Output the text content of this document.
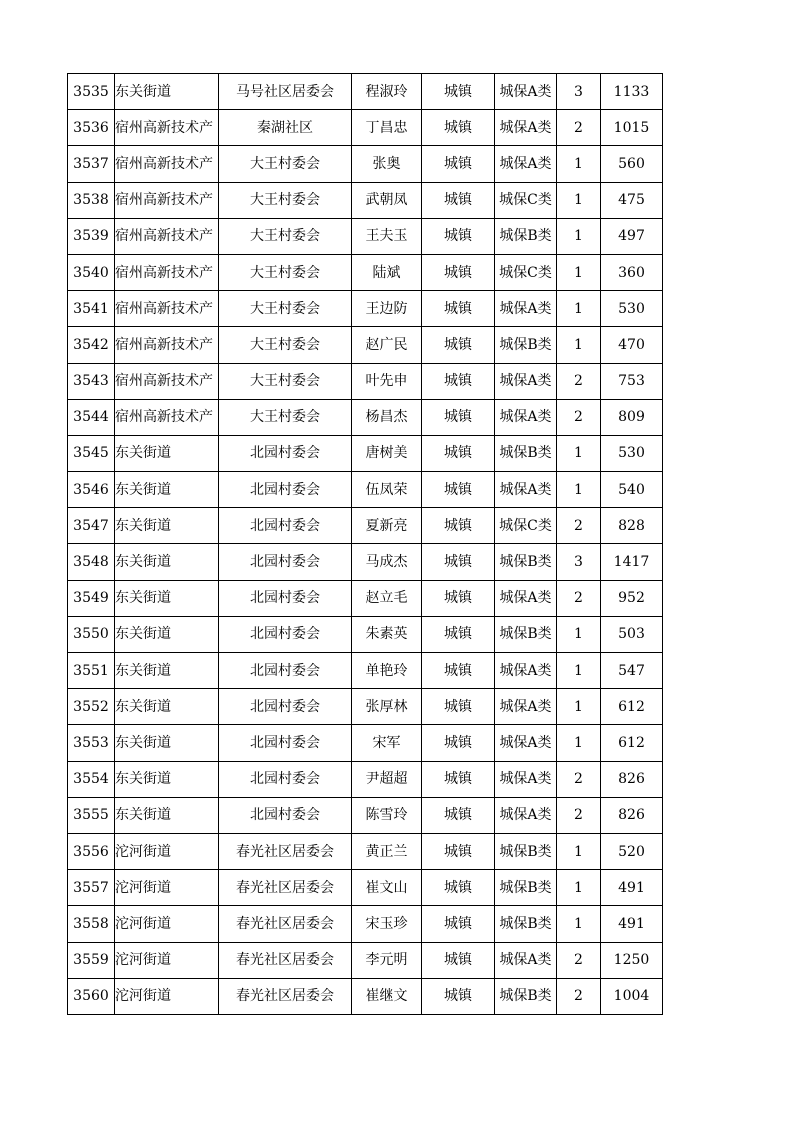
3535	东关街道	马号社区居委会	程淑玲	城镇	城保A类	3	1133
3536	宿州高新技术产	秦湖社区	丁昌忠	城镇	城保A类	2	1015
3537	宿州高新技术产	大王村委会	张奥	城镇	城保A类	1	560
3538	宿州高新技术产	大王村委会	武朝凤	城镇	城保C类	1	475
3539	宿州高新技术产	大王村委会	王夫玉	城镇	城保B类	1	497
3540	宿州高新技术产	大王村委会	陆斌	城镇	城保C类	1	360
3541	宿州高新技术产	大王村委会	王边防	城镇	城保A类	1	530
3542	宿州高新技术产	大王村委会	赵广民	城镇	城保B类	1	470
3543	宿州高新技术产	大王村委会	叶先申	城镇	城保A类	2	753
3544	宿州高新技术产	大王村委会	杨昌杰	城镇	城保A类	2	809
3545	东关街道	北园村委会	唐树美	城镇	城保B类	1	530
3546	东关街道	北园村委会	伍凤荣	城镇	城保A类	1	540
3547	东关街道	北园村委会	夏新亮	城镇	城保C类	2	828
3548	东关街道	北园村委会	马成杰	城镇	城保B类	3	1417
3549	东关街道	北园村委会	赵立毛	城镇	城保A类	2	952
3550	东关街道	北园村委会	朱素英	城镇	城保B类	1	503
3551	东关街道	北园村委会	单艳玲	城镇	城保A类	1	547
3552	东关街道	北园村委会	张厚林	城镇	城保A类	1	612
3553	东关街道	北园村委会	宋军	城镇	城保A类	1	612
3554	东关街道	北园村委会	尹超超	城镇	城保A类	2	826
3555	东关街道	北园村委会	陈雪玲	城镇	城保A类	2	826
3556	沱河街道	春光社区居委会	黄正兰	城镇	城保B类	1	520
3557	沱河街道	春光社区居委会	崔文山	城镇	城保B类	1	491
3558	沱河街道	春光社区居委会	宋玉珍	城镇	城保B类	1	491
3559	沱河街道	春光社区居委会	李元明	城镇	城保A类	2	1250
3560	沱河街道	春光社区居委会	崔继文	城镇	城保B类	2	1004
